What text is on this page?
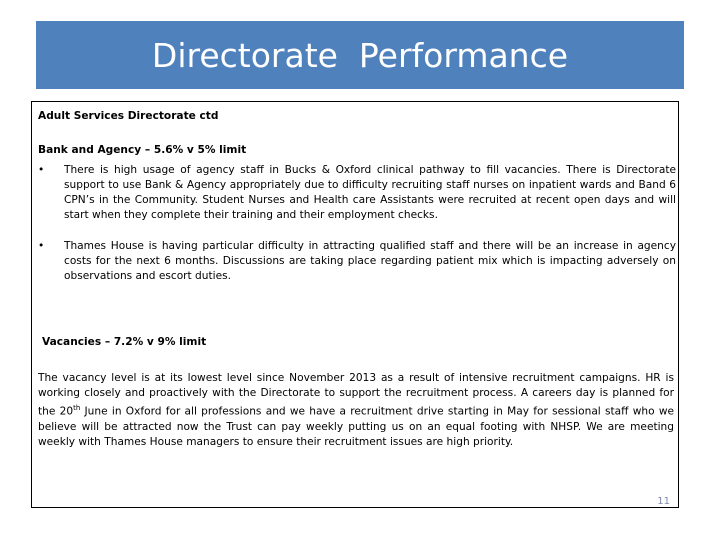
Directorate  Performance
Adult Services Directorate ctd
Bank and Agency – 5.6% v 5% limit
• There is high usage of agency staff in Bucks & Oxford clinical pathway to fill vacancies. There is Directorate support to use Bank & Agency appropriately due to difficulty recruiting staff nurses on inpatient wards and Band 6 CPN’s in the Community. Student Nurses and Health care Assistants were recruited at recent open days and will start when they complete their training and their employment checks.
• Thames House is having particular difficulty in attracting qualified staff and there will be an increase in agency costs for the next 6 months. Discussions are taking place regarding patient mix which is impacting adversely on observations and escort duties.
Vacancies – 7.2% v 9% limit
The vacancy level is at its lowest level since November 2013 as a result of intensive recruitment campaigns. HR is working closely and proactively with the Directorate to support the recruitment process. A careers day is planned for the 20th June in Oxford for all professions and we have a recruitment drive starting in May for sessional staff who we believe will be attracted now the Trust can pay weekly putting us on an equal footing with NHSP. We are meeting weekly with Thames House managers to ensure their recruitment issues are high priority.
11
